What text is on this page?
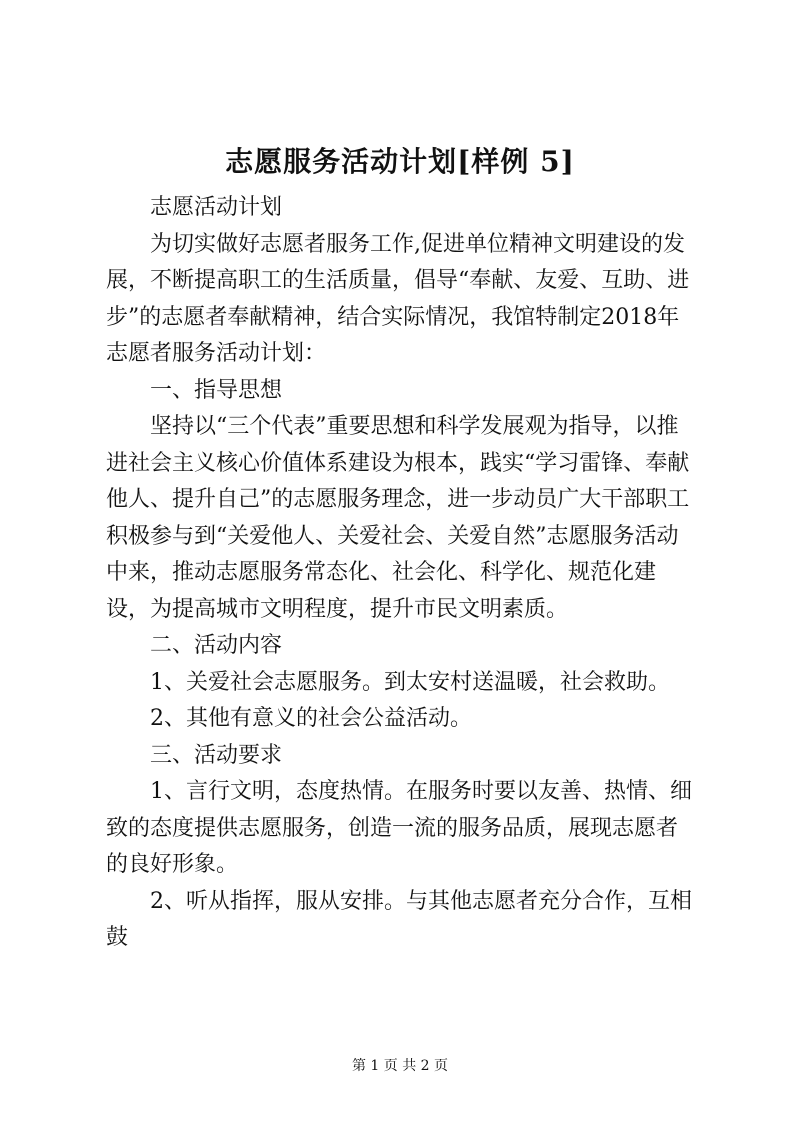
志愿服务活动计划[样例 5]

志愿活动计划

为切实做好志愿者服务工作,促进单位精神文明建设的发展，不断提高职工的生活质量，倡导“奉献、友爱、互助、进步”的志愿者奉献精神，结合实际情况，我馆特制定2018年志愿者服务活动计划：

一、指导思想

坚持以“三个代表”重要思想和科学发展观为指导，以推进社会主义核心价值体系建设为根本，践实“学习雷锋、奉献他人、提升自己”的志愿服务理念，进一步动员广大干部职工积极参与到“关爱他人、关爱社会、关爱自然”志愿服务活动中来，推动志愿服务常态化、社会化、科学化、规范化建设，为提高城市文明程度，提升市民文明素质。

二、活动内容

1、关爱社会志愿服务。到太安村送温暖，社会救助。

2、其他有意义的社会公益活动。

三、活动要求

1、言行文明，态度热情。在服务时要以友善、热情、细致的态度提供志愿服务，创造一流的服务品质，展现志愿者的良好形象。

2、听从指挥，服从安排。与其他志愿者充分合作，互相鼓

第 1 页 共 2 页
